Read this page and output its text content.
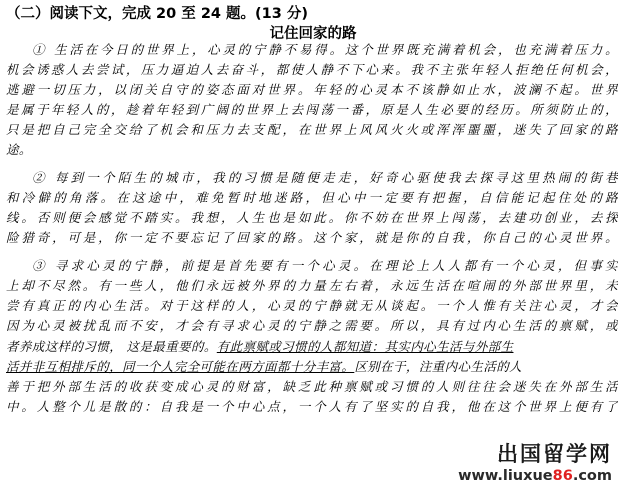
（二）阅读下文，完成 20 至 24 题。(13 分)
记住回家的路
① 生活在今日的世界上，心灵的宁静不易得。这个世界既充满着机会，也充满着压力。
机会诱惑人去尝试，压力逼迫人去奋斗，都使人静不下心来。我不主张年轻人拒绝任何机会，
逃避一切压力，以闭关自守的姿态面对世界。年轻的心灵本不该静如止水，波澜不起。世界
是属于年轻人的，趁着年轻到广阔的世界上去闯荡一番，原是人生必要的经历。所须防止的，
只是把自己完全交给了机会和压力去支配，在世界上风风火火或浑浑噩噩，迷失了回家的路
途。
② 每到一个陌生的城市，我的习惯是随便走走，好奇心驱使我去探寻这里热闹的街巷
和冷僻的角落。在这途中，难免暂时地迷路，但心中一定要有把握，自信能记起住处的路
线。否则便会感觉不踏实。我想，人生也是如此。你不妨在世界上闯荡，去建功创业，去探
险猎奇，可是，你一定不要忘记了回家的路。这个家，就是你的自我，你自己的心灵世界。
③ 寻求心灵的宁静，前提是首先要有一个心灵。在理论上人人都有一个心灵，但事实
上却不尽然。有一些人，他们永远被外界的力量左右着，永远生活在喧闹的外部世界里，未
尝有真正的内心生活。对于这样的人，心灵的宁静就无从谈起。一个人惟有关注心灵，才会
因为心灵被扰乱而不安，才会有寻求心灵的宁静之需要。所以，具有过内心生活的禀赋，或
者养成这样的习惯， 这是最重要的。有此禀赋或习惯的人都知道：其实内心生活与外部生
活并非互相排斥的，同一个人完全可能在两方面都十分丰富。区别在于，注重内心生活的人
善于把外部生活的收获变成心灵的财富，缺乏此种禀赋或习惯的人则往往会迷失在外部生活
中。人整个儿是散的：自我是一个中心点，一个人有了坚实的自我，他在这个世界上便有了
出国留学网
www.liuxue86.com
